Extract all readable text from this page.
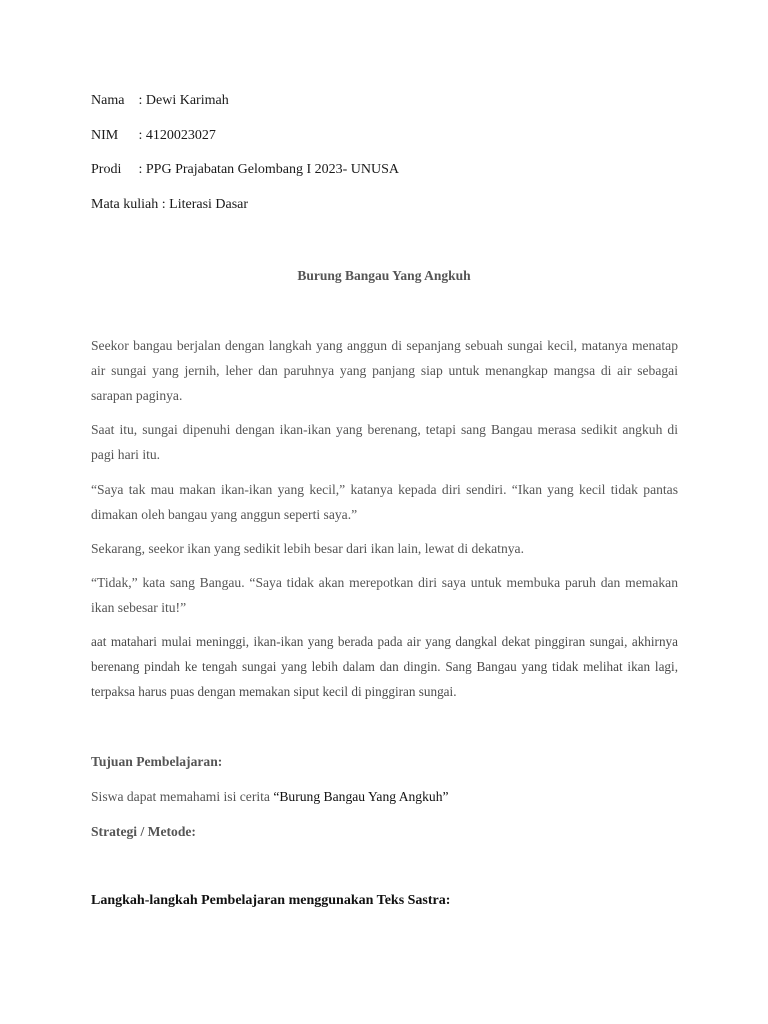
Nama : Dewi Karimah
NIM : 4120023027
Prodi : PPG Prajabatan Gelombang I 2023- UNUSA
Mata kuliah : Literasi Dasar
Burung Bangau Yang Angkuh

Seekor bangau berjalan dengan langkah yang anggun di sepanjang sebuah sungai kecil, matanya menatap air sungai yang jernih, leher dan paruhnya yang panjang siap untuk menangkap mangsa di air sebagai sarapan paginya.

Saat itu, sungai dipenuhi dengan ikan-ikan yang berenang, tetapi sang Bangau merasa sedikit angkuh di pagi hari itu.

“Saya tak mau makan ikan-ikan yang kecil,” katanya kepada diri sendiri. “Ikan yang kecil tidak pantas dimakan oleh bangau yang anggun seperti saya.”

Sekarang, seekor ikan yang sedikit lebih besar dari ikan lain, lewat di dekatnya.

“Tidak,” kata sang Bangau. “Saya tidak akan merepotkan diri saya untuk membuka paruh dan memakan ikan sebesar itu!”

aat matahari mulai meninggi, ikan-ikan yang berada pada air yang dangkal dekat pinggiran sungai, akhirnya berenang pindah ke tengah sungai yang lebih dalam dan dingin. Sang Bangau yang tidak melihat ikan lagi, terpaksa harus puas dengan memakan siput kecil di pinggiran sungai.

Tujuan Pembelajaran:
Siswa dapat memahami isi cerita “Burung Bangau Yang Angkuh”
Strategi / Metode:
Langkah-langkah Pembelajaran menggunakan Teks Sastra:
